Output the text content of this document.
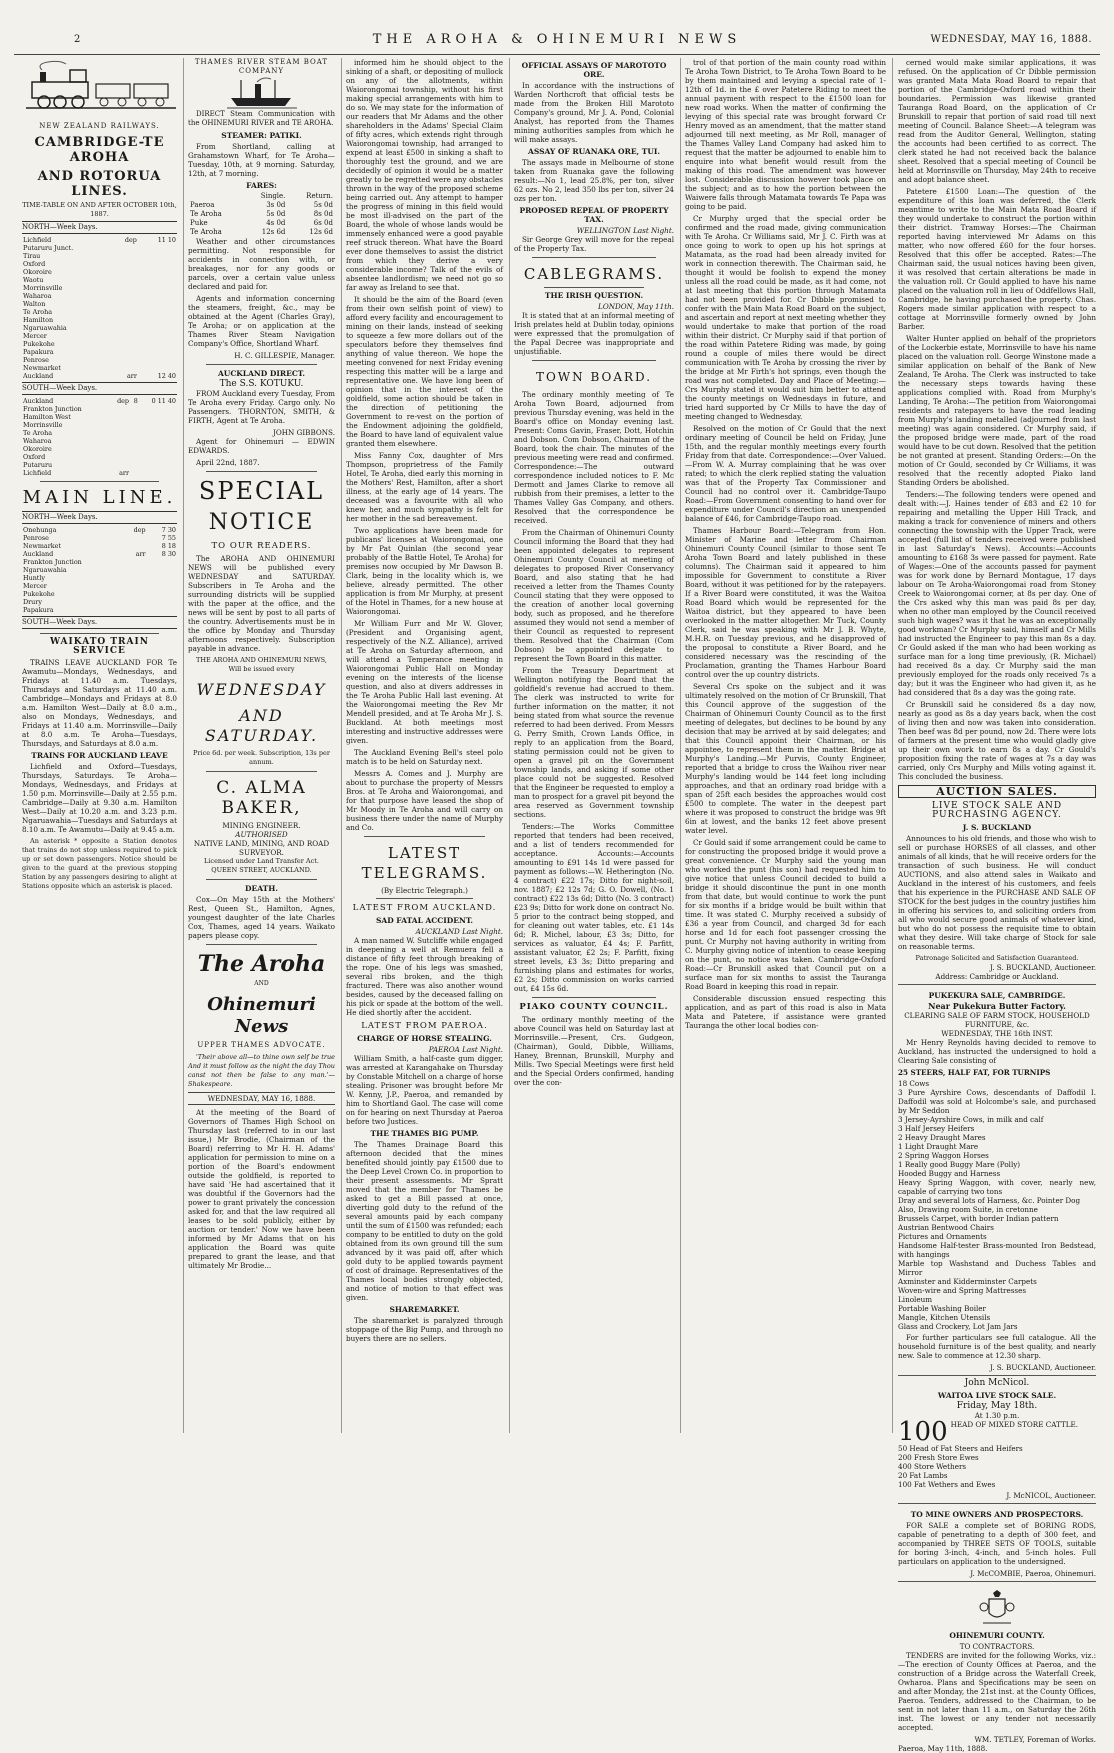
2	THE AROHA & OHINEMURI NEWS	WEDNESDAY, MAY 16, 1888.
NEW ZEALAND RAILWAYS.
CAMBRIDGE-TE AROHA
AND ROTORUA LINES.
TIME-TABLE ON AND AFTER OCTOBER 10th, 1887.
NORTH—Week Days.
Lichfield	dep		11 10
Putaruru Junct.			
Tirau			
Oxford			
Okoroire			
Waotu			
Morrinsville			
Waharoa			
Walton			
Te Aroha			
Hamilton			
Ngaruawahia			
Mercer			
Pukekohe			
Papakura			
Penrose			
Newmarket			
Auckland	arr		12 40
SOUTH—Week Days.
Auckland	dep	8	0 11 40
Frankton Junction			
Hamilton West			
Morrinsville			
Te Aroha			
Waharoa			
Okoroire			
Oxford			
Putaruru			
Lichfield	arr		
MAIN LINE.
NORTH—Week Days.
Onehunga	dep		7 30
Penrose			7 55
Newmarket			8 18
Auckland	arr		8 30
Frankton Junction			
Ngaruawahia			
Huntly			
Mercer			
Pukekohe			
Drury			
Papakura			
SOUTH—Week Days.
WAIKATO TRAIN SERVICE

TRAINS LEAVE AUCKLAND FOR Te Awamutu—Mondays, Wednesdays, and Fridays at 11.40 a.m. Tuesdays, Thursdays and Saturdays at 11.40 a.m. Cambridge—Mondays and Fridays at 8.0 a.m. Hamilton West—Daily at 8.0 a.m., also on Mondays, Wednesdays, and Fridays at 11.40 a.m. Morrinsville—Daily at 8.0 a.m. Te Aroha—Tuesdays, Thursdays, and Saturdays at 8.0 a.m.

TRAINS FOR AUCKLAND LEAVE

Lichfield and Oxford—Tuesdays, Thursdays, Saturdays. Te Aroha—Mondays, Wednesdays, and Fridays at 1.50 p.m. Morrinsville—Daily at 2.55 p.m. Cambridge—Daily at 9.30 a.m. Hamilton West—Daily at 10.20 a.m. and 3.23 p.m. Ngaruawahia—Tuesdays and Saturdays at 8.10 a.m. Te Awamutu—Daily at 9.45 a.m.

An asterisk * opposite a Station denotes that trains do not stop unless required to pick up or set down passengers. Notice should be given to the guard at the previous stopping Station by any passengers desiring to alight at Stations opposite which an asterisk is placed.

THAMES RIVER STEAM BOAT COMPANY

DIRECT Steam Communication with the OHINEMURI RIVER and TE AROHA.

STEAMER: PATIKI.

From Shortland, calling at Grahamstown Wharf, for Te Aroha— Tuesday, 10th, at 9 morning. Saturday, 12th, at 7 morning.

FARES:
	Single.	Return.
Paeroa	3s 0d	5s 0d
Te Aroha	5s 0d	8s 0d
Puke	4s 0d	6s 0d
Te Aroha	12s 6d	12s 6d

Weather and other circumstances permitting. Not responsible for accidents in connection with, or breakages, nor for any goods or parcels, over a certain value unless declared and paid for.

Agents and information concerning the steamers, freight, &c., may be obtained at the Agent (Charles Gray), Te Aroha; or on application at the Thames River Steam Navigation Company's Office, Shortland Wharf.

H. C. GILLESPIE, Manager.
AUCKLAND DIRECT.
The S.S. KOTUKU.

FROM Auckland every Tuesday, From Te Aroha every Friday. Cargo only. No Passengers. THORNTON, SMITH, & FIRTH, Agent at Te Aroha.

JOHN GIBBONS.

Agent for Ohinemuri — EDWIN EDWARDS.

April 22nd, 1887.

SPECIAL
NOTICE
TO OUR READERS.

The AROHA AND OHINEMURI NEWS will be published every WEDNESDAY and SATURDAY. Subscribers in Te Aroha and the surrounding districts will be supplied with the paper at the office, and the news will be sent by post to all parts of the country. Advertisements must be in the office by Monday and Thursday afternoons respectively. Subscription payable in advance.

THE AROHA AND OHINEMURI NEWS,
Will be issued every
WEDNESDAY
AND SATURDAY.
Price 6d. per week. Subscription, 13s per annum.
C. ALMA BAKER,
MINING ENGINEER.
AUTHORISED
NATIVE LAND, MINING, AND ROAD SURVEYOR.
Licensed under Land Transfer Act.
QUEEN STREET, AUCKLAND.
DEATH.

Cox—On May 15th at the Mothers' Rest, Queen St., Hamilton, Agnes, youngest daughter of the late Charles Cox, Thames, aged 14 years. Waikato papers please copy.

The Aroha
AND
Ohinemuri News
UPPER THAMES ADVOCATE.

'Their above all—to thine own self be true And it must follow as the night the day Thou canst not then be false to any man.'—Shakespeare.

WEDNESDAY, MAY 16, 1888.

At the meeting of the Board of Governors of Thames High School on Thursday last (referred to in our last issue,) Mr Brodie, (Chairman of the Board) referring to Mr H. H. Adams' application for permission to mine on a portion of the Board's endowment outside the goldfield, is reported to have said 'He had ascertained that it was doubtful if the Governors had the power to grant privately the concession asked for, and that the law required all leases to be sold publicly, either by auction or tender.' Now we have been informed by Mr Adams that on his application the Board was quite prepared to grant the lease, and that ultimately Mr Brodie...

informed him he should object to the sinking of a shaft, or depositing of mullock on any of the allotments, within Waiorongomai township, without his first making special arrangements with him to do so. We may state for the information of our readers that Mr Adams and the other shareholders in the Adams' Special Claim of fifty acres, which extends right through Waiorongomai township, had arranged to expend at least £500 in sinking a shaft to thoroughly test the ground, and we are decidedly of opinion it would be a matter greatly to be regretted were any obstacles thrown in the way of the proposed scheme being carried out. Any attempt to hamper the progress of mining in this field would be most ill-advised on the part of the Board, the whole of whose lands would be immensely enhanced were a good payable reef struck thereon. What have the Board ever done themselves to assist the district from which they derive a very considerable income? Talk of the evils of absentee landlordism; we need not go so far away as Ireland to see that.

It should be the aim of the Board (even from their own selfish point of view) to afford every facility and encouragement to mining on their lands, instead of seeking to squeeze a few more dollars out of the speculators before they themselves find anything of value thereon. We hope the meeting convened for next Friday evening respecting this matter will be a large and representative one. We have long been of opinion that in the interest of the goldfield, some action should be taken in the direction of petitioning the Government to re-vest on the portion of the Endowment adjoining the goldfield, the Board to have land of equivalent value granted them elsewhere.

Miss Fanny Cox, daughter of Mrs Thompson, proprietress of the Family Hotel, Te Aroha, died early this morning in the Mothers' Rest, Hamilton, after a short illness, at the early age of 14 years. The deceased was a favourite with all who knew her, and much sympathy is felt for her mother in the sad bereavement.

Two applications have been made for publicans' licenses at Waiorongomai, one by Mr Pat Quinlan (the second year probably of the Battle Hotel, Te Aroha) for premises now occupied by Mr Dawson B. Clark, being in the locality which is, we believe, already permitted. The other application is from Mr Murphy, at present of the Hotel in Thames, for a new house at Waiorongomai.

Mr William Furr and Mr W. Glover, (President and Organising agent, respectively of the N.Z. Alliance), arrived at Te Aroha on Saturday afternoon, and will attend a Temperance meeting in Waiorongomai Public Hall on Monday evening on the interests of the license question, and also at divers addresses in the Te Aroha Public Hall last evening. At the Waiorongomai meeting the Rev Mr Mendell presided, and at Te Aroha Mr J. S. Buckland. At both meetings most interesting and instructive addresses were given.

The Auckland Evening Bell's steel polo match is to be held on Saturday next.

Messrs A. Comes and J. Murphy are about to purchase the property of Messrs Bros. at Te Aroha and Waiorongomai, and for that purpose have leased the shop of Mr Moody in Te Aroha and will carry on business there under the name of Murphy and Co.

LATEST TELEGRAMS.
(By Electric Telegraph.)
LATEST FROM AUCKLAND.
SAD FATAL ACCIDENT.
AUCKLAND Last Night.

A man named W. Sutcliffe while engaged in deepening a well at Remuera fell a distance of fifty feet through breaking of the rope. One of his legs was smashed, several ribs broken, and the thigh fractured. There was also another wound besides, caused by the deceased falling on his pick or spade at the bottom of the well. He died shortly after the accident.

LATEST FROM PAEROA.
CHARGE OF HORSE STEALING.
PAEROA Last Night.

William Smith, a half-caste gum digger, was arrested at Karangahake on Thursday by Constable Mitchell on a charge of horse stealing. Prisoner was brought before Mr W. Kenny, J.P., Paeroa, and remanded by him to Shortland Gaol. The case will come on for hearing on next Thursday at Paeroa before two Justices.

THE THAMES BIG PUMP.

The Thames Drainage Board this afternoon decided that the mines benefited should jointly pay £1500 due to the Deep Level Crown Co. in proportion to their present assessments. Mr Spratt moved that the member for Thames be asked to get a Bill passed at once, diverting gold duty to the refund of the several amounts paid by each company until the sum of £1500 was refunded; each company to be entitled to duty on the gold obtained from its own ground till the sum advanced by it was paid off, after which gold duty to be applied towards payment of cost of drainage. Representatives of the Thames local bodies strongly objected, and notice of motion to that effect was given.

SHAREMARKET.

The sharemarket is paralyzed through stoppage of the Big Pump, and through no buyers there are no sellers.

OFFICIAL ASSAYS OF MAROTOTO ORE.

In accordance with the instructions of Warden Northcroft that official tests be made from the Broken Hill Marototo Company's ground, Mr J. A. Pond, Colonial Analyst, has reported from the Thames mining authorities samples from which he will make assays.

ASSAY OF RUANAKA ORE, TUI.

The assays made in Melbourne of stone taken from Ruanaka gave the following result:—No 1, lead 25.8%, per ton, silver 62 ozs. No 2, lead 350 lbs per ton, silver 24 ozs per ton.

PROPOSED REPEAL OF PROPERTY TAX.
WELLINGTON Last Night.

Sir George Grey will move for the repeal of the Property Tax.

CABLEGRAMS.
THE IRISH QUESTION.
LONDON, May 11th.

It is stated that at an informal meeting of Irish prelates held at Dublin today, opinions were expressed that the promulgation of the Papal Decree was inappropriate and unjustifiable.

TOWN BOARD.

The ordinary monthly meeting of Te Aroha Town Board, adjourned from previous Thursday evening, was held in the Board's office on Monday evening last. Present: Coms Gavin, Fraser, Dott, Hotchin and Dobson. Com Dobson, Chairman of the Board, took the chair. The minutes of the previous meeting were read and confirmed. Correspondence:—The outward correspondence included notices to F. Mc Dermott and James Clarke to remove all rubbish from their premises, a letter to the Thames Valley Gas Company, and others. Resolved that the correspondence be received.

From the Chairman of Ohinemuri County Council informing the Board that they had been appointed delegates to represent Ohinemuri County Council at meeting of delegates to proposed River Conservancy Board, and also stating that he had received a letter from the Thames County Council stating that they were opposed to the creation of another local governing body, such as proposed, and he therefore assumed they would not send a member of their Council as requested to represent them. Resolved that the Chairman (Com Dobson) be appointed delegate to represent the Town Board in this matter.

From the Treasury Department at Wellington notifying the Board that the goldfield's revenue had accrued to them. The clerk was instructed to write for further information on the matter, it not being stated from what source the revenue referred to had been derived. From Messrs G. Perry Smith, Crown Lands Office, in reply to an application from the Board, stating permission could not be given to open a gravel pit on the Government township lands, and asking if some other place could not be suggested. Resolved that the Engineer be requested to employ a man to prospect for a gravel pit beyond the area reserved as Government township sections.

Tenders:—The Works Committee reported that tenders had been received, and a list of tenders recommended for acceptance. Accounts:—Accounts amounting to £91 14s 1d were passed for payment as follows:—W. Hetherington (No. 4 contract) £22 17s; Ditto for night-soil, nov. 1887; £2 12s 7d; G. O. Dowell, (No. 1 contract) £22 13s 6d; Ditto (No. 3 contract) £23 9s; Ditto for work done on contract No. 5 prior to the contract being stopped, and for cleaning out water tables, etc. £1 14s 6d; R. Michel, labour, £3 3s; Ditto, for services as valuator, £4 4s; F. Parfitt, assistant valuator, £2 2s; F. Parfitt, fixing street levels, £3 3s; Ditto preparing and furnishing plans and estimates for works, £2 2s; Ditto commission on works carried out, £4 15s 6d.

PIAKO COUNTY COUNCIL.

The ordinary monthly meeting of the above Council was held on Saturday last at Morrinsville.—Present, Crs. Gudgeon, (Chairman), Gould, Dibble, Williams, Haney, Brennan, Brunskill, Murphy and Mills. Two Special Meetings were first held and the Special Orders confirmed, handing over the con-

trol of that portion of the main county road within Te Aroha Town District, to Te Aroha Town Board to be by them maintained and levying a special rate of 1-12th of 1d. in the £ over Patetere Riding to meet the annual payment with respect to the £1500 loan for new road works. When the matter of confirming the levying of this special rate was brought forward Cr Henry moved as an amendment, that the matter stand adjourned till next meeting, as Mr Roll, manager of the Thames Valley Land Company had asked him to request that the matter be adjourned to enable him to enquire into what benefit would result from the making of this road. The amendment was however lost. Considerable discussion however took place on the subject; and as to how the portion between the Waiwere falls through Matamata towards Te Papa was going to be paid.

Cr Murphy urged that the special order be confirmed and the road made, giving communication with Te Aroha. Cr Williams said, Mr J. C. Firth was at once going to work to open up his hot springs at Matamata, as the road had been already invited for work in connection therewith. The Chairman said, he thought it would be foolish to expend the money unless all the road could be made, as it had come, not at last meeting that this portion through Matamata had not been provided for. Cr Dibble promised to confer with the Main Mata Road Board on the subject, and ascertain and report at next meeting whether they would undertake to make that portion of the road within their district. Cr Murphy said if that portion of the road within Patetere Riding was made, by going round a couple of miles there would be direct communication with Te Aroha by crossing the river by the bridge at Mr Firth's hot springs, even though the road was not completed. Day and Place of Meeting:—Crs Murphy stated it would suit him better to attend the county meetings on Wednesdays in future, and tried hard supported by Cr Mills to have the day of meeting changed to Wednesday.

Resolved on the motion of Cr Gould that the next ordinary meeting of Council be held on Friday, June 15th, and the regular monthly meetings every fourth Friday from that date. Correspondence:—Over Valued.—From W. A. Murray complaining that he was over rated; to which the clerk replied stating the valuation was that of the Property Tax Commissioner and Council had no control over it. Cambridge-Taupo Road:—From Government consenting to hand over for expenditure under Council's direction an unexpended balance of £46, for Cambridge-Taupo road.

Thames Harbour Board:—Telegram from Hon. Minister of Marine and letter from Chairman Ohinemuri County Council (similar to those sent Te Aroha Town Board and lately published in these columns). The Chairman said it appeared to him impossible for Government to constitute a River Board, without it was petitioned for by the ratepayers. If a River Board were constituted, it was the Waitoa Road Board which would be represented for the Waitoa district, but they appeared to have been overlooked in the matter altogether. Mr Tuck, County Clerk, said he was speaking with Mr J. B. Whyte, M.H.R. on Tuesday previous, and he disapproved of the proposal to constitute a River Board, and he considered necessary was the rescinding of the Proclamation, granting the Thames Harbour Board control over the up country districts.

Several Crs spoke on the subject and it was ultimately resolved on the motion of Cr Brunskill, That this Council approve of the suggestion of the Chairman of Ohinemuri County Council as to the first meeting of delegates, but declines to be bound by any decision that may be arrived at by said delegates; and that this Council appoint their Chairman, or his appointee, to represent them in the matter. Bridge at Murphy's Landing.—Mr Purvis, County Engineer, reported that a bridge to cross the Waihou river near Murphy's landing would be 144 feet long including approaches, and that an ordinary road bridge with a span of 25ft each besides the approaches would cost £500 to complete. The water in the deepest part where it was proposed to construct the bridge was 9ft 6in at lowest, and the banks 12 feet above present water level.

Cr Gould said if some arrangement could be came to for constructing the proposed bridge it would prove a great convenience. Cr Murphy said the young man who worked the punt (his son) had requested him to give notice that unless Council decided to build a bridge it should discontinue the punt in one month from that date, but would continue to work the punt for six months if a bridge would be built within that time. It was stated C. Murphy received a subsidy of £36 a year from Council, and charged 3d for each horse and 1d for each foot passenger crossing the punt. Cr Murphy not having authority in writing from C. Murphy giving notice of intention to cease keeping on the punt, no notice was taken. Cambridge-Oxford Road:—Cr Brunskill asked that Council put on a surface man for six months to assist the Tauranga Road Board in keeping this road in repair.

Considerable discussion ensued respecting this application, and as part of this road is also in Mata Mata and Patetere, if assistance were granted Tauranga the other local bodies con-

cerned would make similar applications, it was refused. On the application of Cr Dibble permission was granted Mata Mata Road Board to repair that portion of the Cambridge-Oxford road within their boundaries. Permission was likewise granted Tauranga Road Board, on the application of Cr Brunskill to repair that portion of said road till next meeting of Council. Balance Sheet:—A telegram was read from the Auditor General, Wellington, stating the accounts had been certified to as correct. The clerk stated he had not received back the balance sheet. Resolved that a special meeting of Council be held at Morrinsville on Thursday, May 24th to receive and adopt balance sheet.

Patetere £1500 Loan:—The question of the expenditure of this loan was deferred, the Clerk meantime to write to the Main Mata Road Board if they would undertake to construct the portion within their district. Tramway Horses:—The Chairman reported having interviewed Mr Adams on this matter, who now offered £60 for the four horses. Resolved that this offer be accepted. Rates:—The Chairman said, the usual notices having been given, it was resolved that certain alterations be made in the valuation roll. Cr Gould applied to have his name placed on the valuation roll in lieu of Oddfellows Hall, Cambridge, he having purchased the property. Chas. Rogers made similar application with respect to a cottage at Morrinsville formerly owned by John Barber.

Walter Hunter applied on behalf of the proprietors of the Lockerbie estate, Morrinsville to have his name placed on the valuation roll. George Winstone made a similar application on behalf of the Bank of New Zealand, Te Aroha. The Clerk was instructed to take the necessary steps towards having these applications complied with. Road from Murphy's Landing, Te Aroha:—The petition from Waiorongomai residents and ratepayers to have the road leading from Murphy's landing metalled (adjourned from last meeting) was again considered. Cr Murphy said, if the proposed bridge were made, part of the road would have to be cut down. Resolved that the petition be not granted at present. Standing Orders:—On the motion of Cr Gould, seconded by Cr Williams, it was resolved that the recently adopted Piako land Standing Orders be abolished.

Tenders:—The following tenders were opened and dealt with:—J. Haines tender of £83 and £2 10 for repairing and metalling the Upper Hill Track, and making a track for convenience of miners and others connecting the township with the Upper Track, were accepted (full list of tenders received were published in last Saturday's News). Accounts:—Accounts amounting to £168 3s were passed for payment. Rate of Wages:—One of the accounts passed for payment was for work done by Bernard Montague, 17 days labour on Te Aroha-Waiorongomai road from Stoney Creek to Waiorongomai corner, at 8s per day. One of the Crs asked why this man was paid 8s per day, when no other man employed by the Council received such high wages? was it that he was an exceptionally good workman? Cr Murphy said, himself and Cr Mills had instructed the Engineer to pay this man 8s a day. Cr Gould asked if the man who had been working as surface man for a long time previously, (R. Michael) had received 8s a day. Cr Murphy said the man previously employed for the roads only received 7s a day; but it was the Engineer who had given it, as he had considered that 8s a day was the going rate.

Cr Brunskill said he considered 8s a day now, nearly as good as 8s a day years back, when the cost of living then and now was taken into consideration. Then beef was 8d per pound, now 2d. There were lots of farmers at the present time who would gladly give up their own work to earn 8s a day. Cr Gould's proposition fixing the rate of wages at 7s a day was carried, only Crs Murphy and Mills voting against it. This concluded the business.

AUCTION SALES.
LIVE STOCK SALE AND PURCHASING AGENCY.
J. S. BUCKLAND

Announces to his old friends, and those who wish to sell or purchase HORSES of all classes, and other animals of all kinds, that he will receive orders for the transaction of such business. He will conduct AUCTIONS, and also attend sales in Waikato and Auckland in the interest of his customers, and feels that his experience in the PURCHASE AND SALE OF STOCK for the best judges in the country justifies him in offering his services to, and soliciting orders from all who would secure good animals of whatever kind, but who do not possess the requisite time to obtain what they desire. Will take charge of Stock for sale on reasonable terms.

Patronage Solicited and Satisfaction Guaranteed.
J. S. BUCKLAND, Auctioneer.
Address: Cambridge or Auckland.
PUKEKURA SALE, CAMBRIDGE.
Near Pukekura Butter Factory.
CLEARING SALE OF FARM STOCK, HOUSEHOLD FURNITURE, &c.
WEDNESDAY, THE 16th INST.

Mr Henry Reynolds having decided to remove to Auckland, has instructed the undersigned to hold a Clearing Sale consisting of

25 STEERS, HALF FAT, FOR TURNIPS
18 Cows
3 Pure Ayrshire Cows, descendants of Daffodil I. Daffodil was sold at Holcombe's sale, and purchased by Mr Seddon
3 Jersey-Ayrshire Cows, in milk and calf
3 Half Jersey Heifers
2 Heavy Draught Mares
1 Light Draught Mare
2 Spring Waggon Horses
1 Really good Buggy Mare (Polly)
Hooded Buggy and Harness
Heavy Spring Waggon, with cover, nearly new, capable of carrying two tons
Dray and several lots of Harness, &c. Pointer Dog
Also, Drawing room Suite, in cretonne
Brussels Carpet, with border Indian pattern
Austrian Bentwood Chairs
Pictures and Ornaments
Handsome Half-tester Brass-mounted Iron Bedstead, with hangings
Marble top Washstand and Duchess Tables and Mirror
Axminster and Kidderminster Carpets
Woven-wire and Spring Mattresses
Linoleum
Portable Washing Boiler
Mangle, Kitchen Utensils
Glass and Crockery, Lot Jam Jars

For further particulars see full catalogue. All the household furniture is of the best quality, and nearly new. Sale to commence at 12.30 sharp.

J. S. BUCKLAND, Auctioneer.
John McNicol.
WAITOA LIVE STOCK SALE.
Friday, May 18th.
At 1.30 p.m.
100 HEAD OF MIXED STORE CATTLE.
50 Head of Fat Steers and Heifers
200 Fresh Store Ewes
400 Store Wethers
20 Fat Lambs
100 Fat Wethers and Ewes
J. McNICOL, Auctioneer.
TO MINE OWNERS AND PROSPECTORS.

FOR SALE a complete set of BORING RODS, capable of penetrating to a depth of 300 feet, and accompanied by THREE SETS OF TOOLS, suitable for boring 3-inch, 4-inch, and 5-inch holes. Full particulars on application to the undersigned.

J. McCOMBIE, Paeroa, Ohinemuri.
OHINEMURI COUNTY.
TO CONTRACTORS.

TENDERS are invited for the following Works, viz.:—The erection of County Offices at Paeroa, and the construction of a Bridge across the Waterfall Creek, Owharoa. Plans and Specifications may be seen on and after Monday, the 21st inst. at the County Offices, Paeroa. Tenders, addressed to the Chairman, to be sent in not later than 11 a.m., on Saturday the 26th inst. The lowest or any tender not necessarily accepted.

WM. TETLEY, Foreman of Works.
Paeroa, May 11th, 1888.
